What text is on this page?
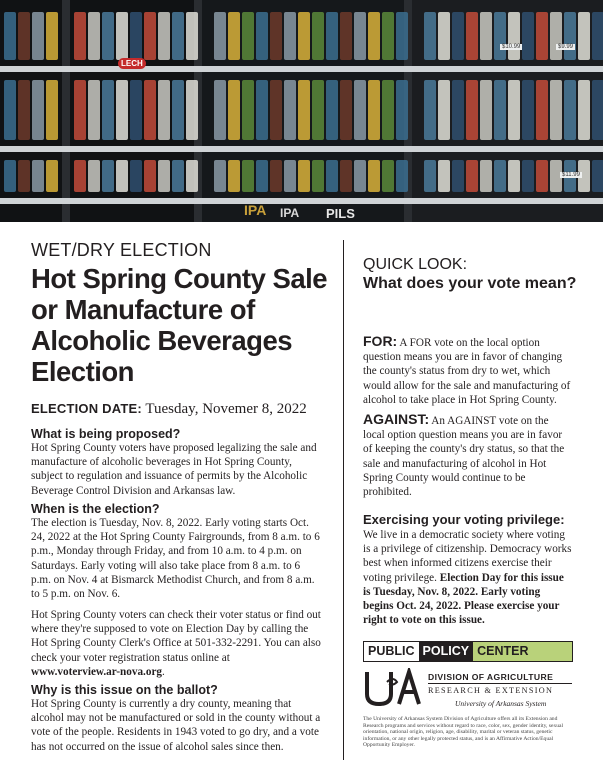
$10.99
$11.99
$9.99
LECH
IPA IPA PILS
WET/DRY ELECTION
Hot Spring County Sale or Manufacture of Alcoholic Beverages Election
ELECTION DATE: Tuesday, Novemer 8, 2022
What is being proposed?
Hot Spring County voters have proposed legalizing the sale and manufacture of alcoholic beverages in Hot Spring County, subject to regulation and issuance of permits by the Alcoholic Beverage Control Division and Arkansas law.
When is the election?
The election is Tuesday, Nov. 8, 2022. Early voting starts Oct. 24, 2022 at the Hot Spring County Fairgrounds, from 8 a.m. to 6 p.m., Monday through Friday, and from 10 a.m. to 4 p.m. on Saturdays. Early voting will also take place from 8 a.m. to 6 p.m. on Nov. 4 at Bismarck Methodist Church, and from 8 a.m. to 5 p.m. on Nov. 6.
Hot Spring County voters can check their voter status or find out where they're supposed to vote on Election Day by calling the Hot Spring County Clerk's Office at 501-332-2291. You can also check your voter registration status online at www.voterview.ar-nova.org.
Why is this issue on the ballot?
Hot Spring County is currently a dry county, meaning that alcohol may not be manufactured or sold in the county without a vote of the people. Residents in 1943 voted to go dry, and a vote has not occurred on the issue of alcohol sales since then.
QUICK LOOK:
What does your vote mean?
FOR: A FOR vote on the local option question means you are in favor of changing the county's status from dry to wet, which would allow for the sale and manufacturing of alcohol to take place in Hot Spring County.
AGAINST: An AGAINST vote on the local option question means you are in favor of keeping the county's dry status, so that the sale and manufacturing of alcohol in Hot Spring County would continue to be prohibited.
Exercising your voting privilege:
We live in a democratic society where voting is a privilege of citizenship. Democracy works best when informed citizens exercise their voting privilege. Election Day for this issue is Tuesday, Nov. 8, 2022. Early voting begins Oct. 24, 2022. Please exercise your right to vote on this issue.
PUBLIC POLICY CENTER
DIVISION OF AGRICULTURE
RESEARCH & EXTENSION
University of Arkansas System
The University of Arkansas System Division of Agriculture offers all its Extension and Research programs and services without regard to race, color, sex, gender identity, sexual orientation, national origin, religion, age, disability, marital or veteran status, genetic information, or any other legally protected status, and is an Affirmative Action/Equal Opportunity Employer.
